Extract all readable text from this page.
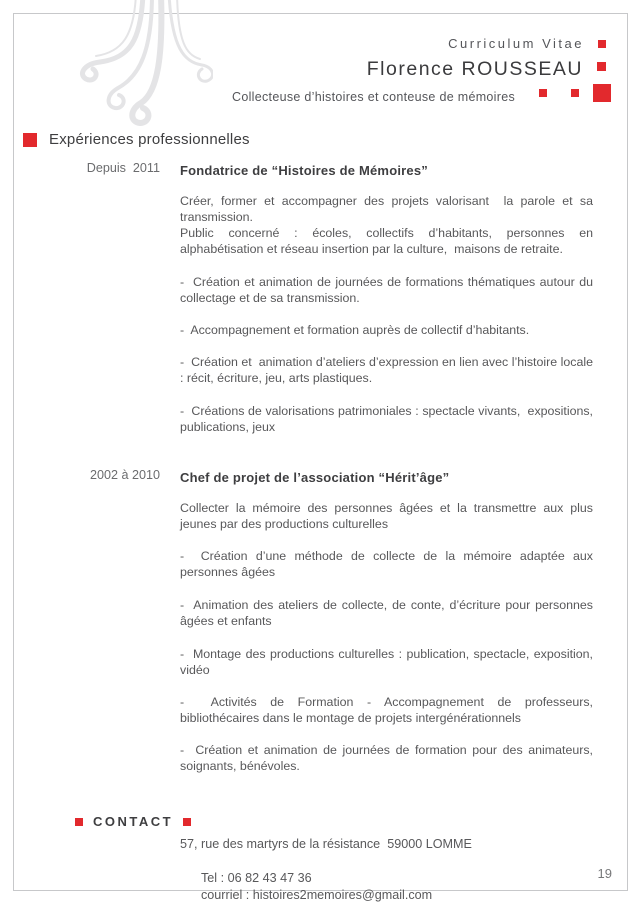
Curriculum Vitae
Florence ROUSSEAU
Collecteuse d’histoires et conteuse de mémoires
Expériences professionnelles
Depuis  2011 Fondatrice de “Histoires de Mémoires”

Créer, former et accompagner des projets valorisant  la parole et sa transmission.

Public concerné : écoles, collectifs d’habitants, personnes en alphabétisation et réseau insertion par la culture,  maisons de retraite.

-  Création et animation de journées de formations thématiques autour du collectage et de sa transmission.

-  Accompagnement et formation auprès de collectif d’habitants.

-  Création et  animation d’ateliers d’expression en lien avec l’histoire locale : récit, écriture, jeu, arts plastiques.

-  Créations de valorisations patrimoniales : spectacle vivants,  expositions, publications, jeux

2002 à 2010 Chef de projet de l’association “Hérit’âge”

Collecter la mémoire des personnes âgées et la transmettre aux plus jeunes par des productions culturelles

-  Création d’une méthode de collecte de la mémoire adaptée aux personnes âgées

-  Animation des ateliers de collecte, de conte, d’écriture pour personnes âgées et enfants

-  Montage des productions culturelles : publication, spectacle, exposition, vidéo

-  Activités de Formation - Accompagnement de professeurs, bibliothécaires dans le montage de projets intergénérationnels

-  Création et animation de journées de formation pour des animateurs, soignants, bénévoles.

CONTACT
57, rue des martyrs de la résistance  59000 LOMME

Tel : 06 82 43 47 36
courriel : histoires2memoires@gmail.com

19
